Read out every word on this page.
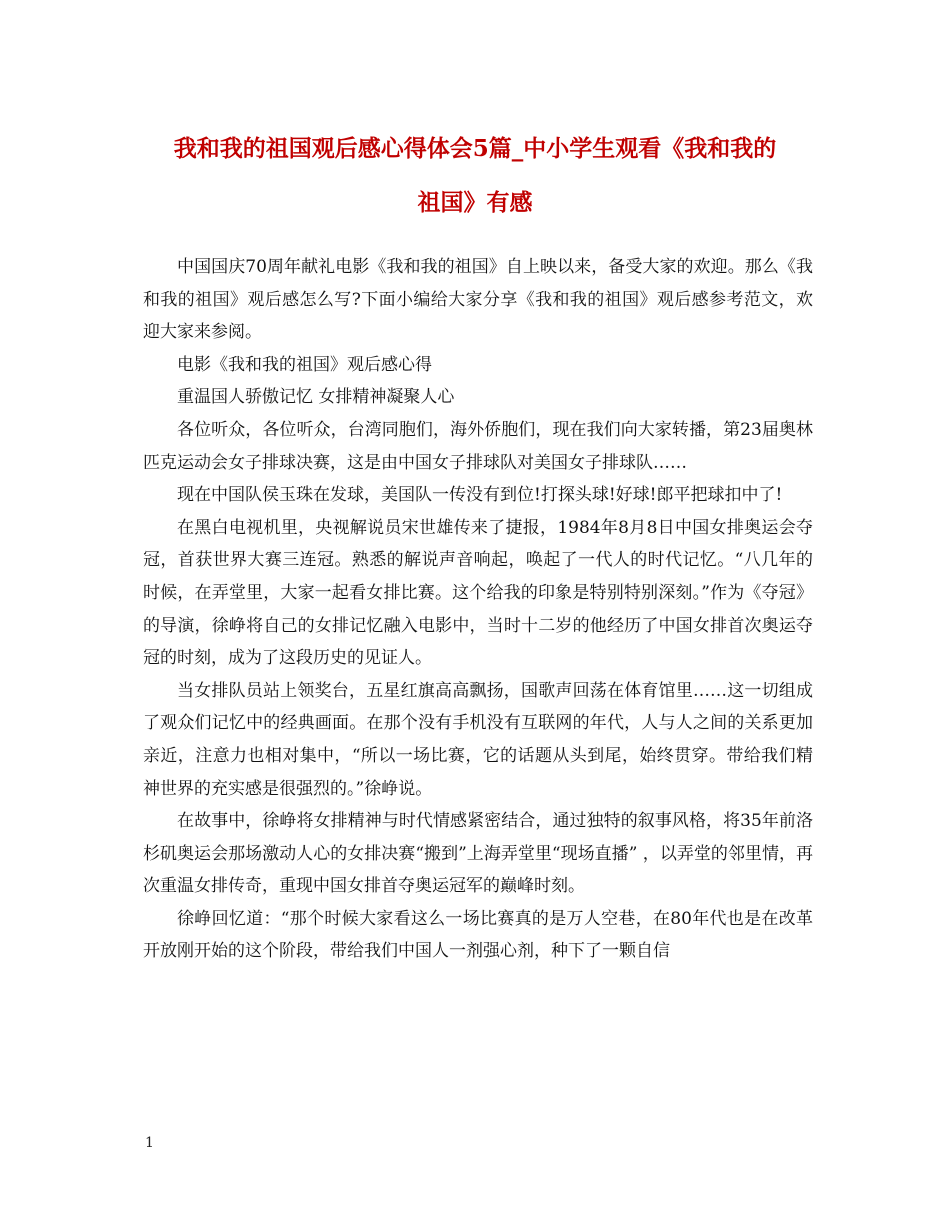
我和我的祖国观后感心得体会5篇_中小学生观看《我和我的
祖国》有感

中国国庆70周年献礼电影《我和我的祖国》自上映以来，备受大家的欢迎。那么《我和我的祖国》观后感怎么写?下面小编给大家分享《我和我的祖国》观后感参考范文，欢迎大家来参阅。

电影《我和我的祖国》观后感心得

重温国人骄傲记忆 女排精神凝聚人心

各位听众，各位听众，台湾同胞们，海外侨胞们，现在我们向大家转播，第23届奥林匹克运动会女子排球决赛，这是由中国女子排球队对美国女子排球队……

现在中国队侯玉珠在发球，美国队一传没有到位!打探头球!好球!郎平把球扣中了!

在黑白电视机里，央视解说员宋世雄传来了捷报，1984年8月8日中国女排奥运会夺冠，首获世界大赛三连冠。熟悉的解说声音响起，唤起了一代人的时代记忆。“八几年的时候，在弄堂里，大家一起看女排比赛。这个给我的印象是特别特别深刻。”作为《夺冠》的导演，徐峥将自己的女排记忆融入电影中，当时十二岁的他经历了中国女排首次奥运夺冠的时刻，成为了这段历史的见证人。

当女排队员站上领奖台，五星红旗高高飘扬，国歌声回荡在体育馆里……这一切组成了观众们记忆中的经典画面。在那个没有手机没有互联网的年代，人与人之间的关系更加亲近，注意力也相对集中，“所以一场比赛，它的话题从头到尾，始终贯穿。带给我们精神世界的充实感是很强烈的。”徐峥说。

在故事中，徐峥将女排精神与时代情感紧密结合，通过独特的叙事风格，将35年前洛杉矶奥运会那场激动人心的女排决赛“搬到”上海弄堂里“现场直播” ，以弄堂的邻里情，再次重温女排传奇，重现中国女排首夺奥运冠军的巅峰时刻。

徐峥回忆道：“那个时候大家看这么一场比赛真的是万人空巷，在80年代也是在改革开放刚开始的这个阶段，带给我们中国人一剂强心剂，种下了一颗自信

1
